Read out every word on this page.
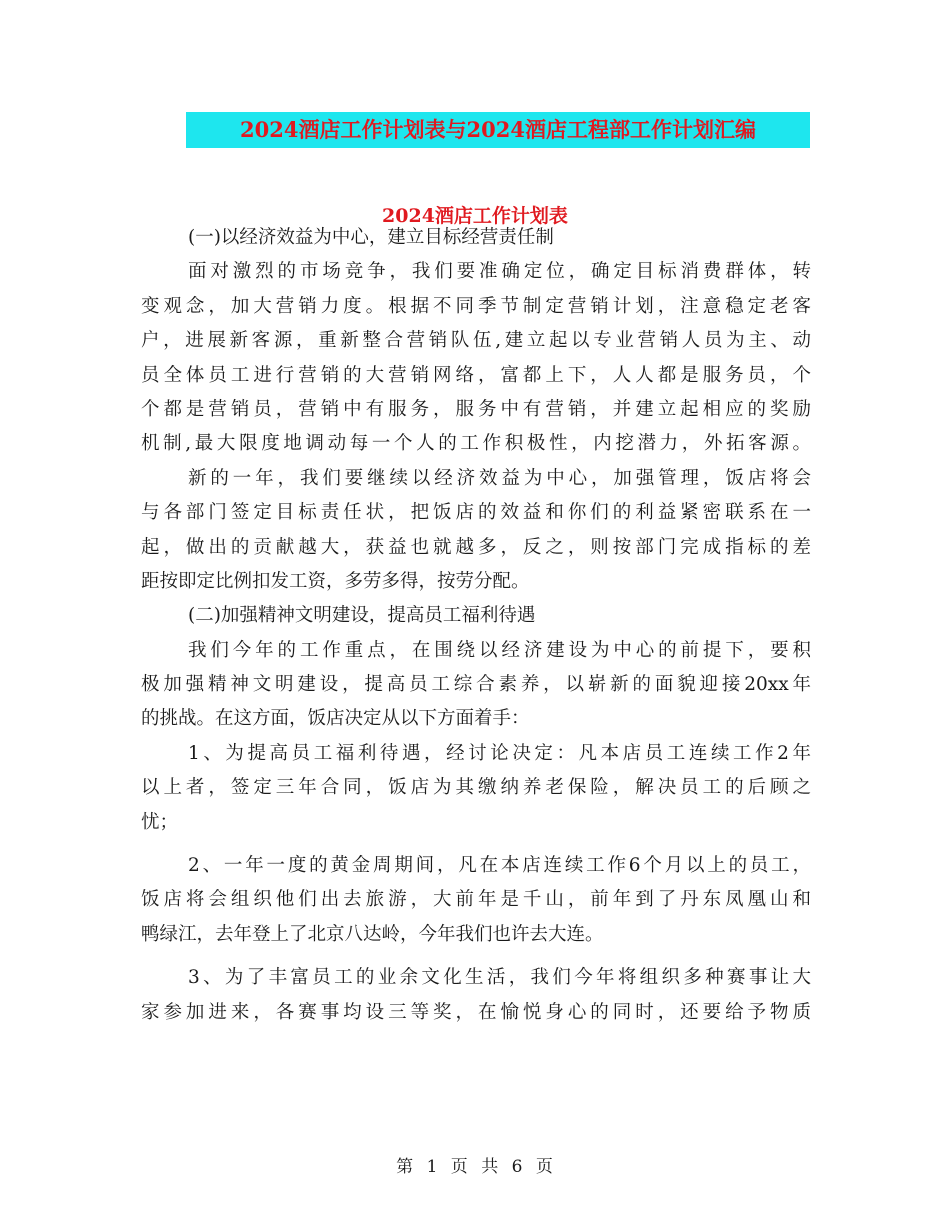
2024酒店工作计划表与2024酒店工程部工作计划汇编
2024酒店工作计划表
(一)以经济效益为中心，建立目标经营责任制
面对激烈的市场竞争，我们要准确定位，确定目标消费群体，转
变观念，加大营销力度。根据不同季节制定营销计划，注意稳定老客
户，进展新客源，重新整合营销队伍,建立起以专业营销人员为主、动
员全体员工进行营销的大营销网络，富都上下，人人都是服务员，个
个都是营销员，营销中有服务，服务中有营销，并建立起相应的奖励
机制,最大限度地调动每一个人的工作积极性，内挖潜力，外拓客源。
新的一年，我们要继续以经济效益为中心，加强管理，饭店将会
与各部门签定目标责任状，把饭店的效益和你们的利益紧密联系在一
起，做出的贡献越大，获益也就越多，反之，则按部门完成指标的差
距按即定比例扣发工资，多劳多得，按劳分配。
(二)加强精神文明建设，提高员工福利待遇
我们今年的工作重点，在围绕以经济建设为中心的前提下，要积
极加强精神文明建设，提高员工综合素养，以崭新的面貌迎接20xx年
的挑战。在这方面，饭店决定从以下方面着手：
1、为提高员工福利待遇，经讨论决定：凡本店员工连续工作2年
以上者，签定三年合同，饭店为其缴纳养老保险，解决员工的后顾之
忧；
2、一年一度的黄金周期间，凡在本店连续工作6个月以上的员工，
饭店将会组织他们出去旅游，大前年是千山，前年到了丹东凤凰山和
鸭绿江，去年登上了北京八达岭，今年我们也许去大连。
3、为了丰富员工的业余文化生活，我们今年将组织多种赛事让大
家参加进来，各赛事均设三等奖，在愉悦身心的同时，还要给予物质
第 1 页 共 6 页
